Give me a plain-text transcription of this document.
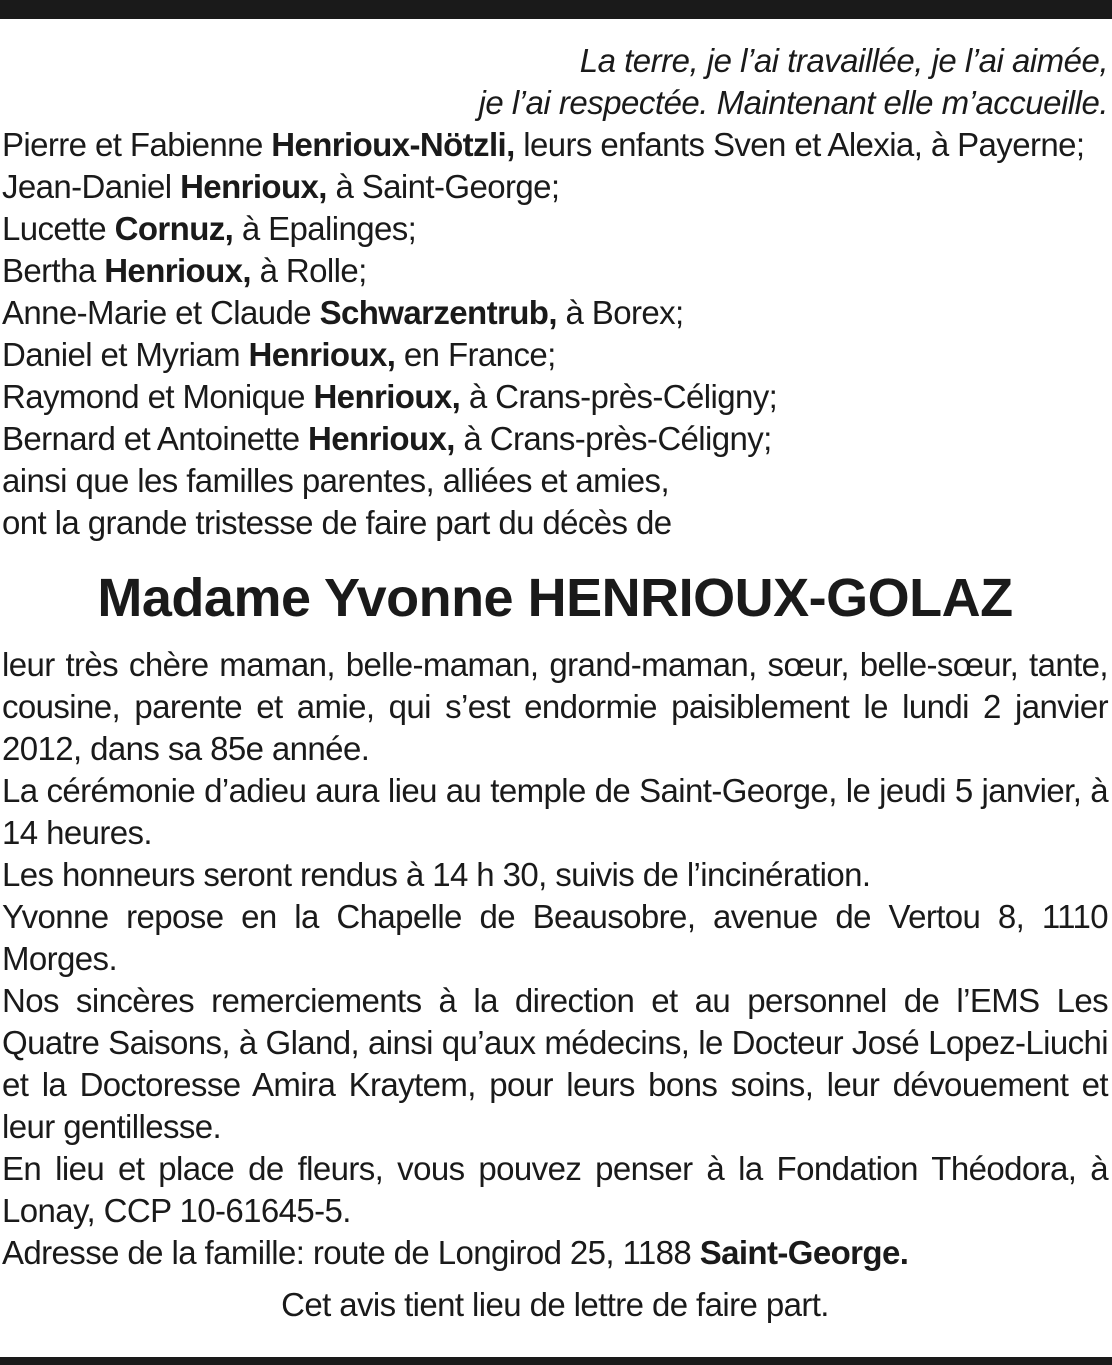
La terre, je l’ai travaillée, je l’ai aimée,
je l’ai respectée. Maintenant elle m’accueille.

Pierre et Fabienne Henrioux-Nötzli, leurs enfants Sven et Alexia, à Payerne;

Jean-Daniel Henrioux, à Saint-George;

Lucette Cornuz, à Epalinges;

Bertha Henrioux, à Rolle;

Anne-Marie et Claude Schwarzentrub, à Borex;

Daniel et Myriam Henrioux, en France;

Raymond et Monique Henrioux, à Crans-près-Céligny;

Bernard et Antoinette Henrioux, à Crans-près-Céligny;

ainsi que les familles parentes, alliées et amies,

ont la grande tristesse de faire part du décès de

Madame Yvonne HENRIOUX-GOLAZ

leur très chère maman, belle-maman, grand-maman, sœur, belle-sœur, tante, cousine, parente et amie, qui s’est endormie paisiblement le lundi 2 janvier 2012, dans sa 85e année.

La cérémonie d’adieu aura lieu au temple de Saint-George, le jeudi 5 janvier, à 14 heures.

Les honneurs seront rendus à 14 h 30, suivis de l’incinération.

Yvonne repose en la Chapelle de Beausobre, avenue de Vertou 8, 1110 Morges.

Nos sincères remerciements à la direction et au personnel de l’EMS Les Quatre Saisons, à Gland, ainsi qu’aux médecins, le Docteur José Lopez-Liuchi et la Doctoresse Amira Kraytem, pour leurs bons soins, leur dévouement et leur gentillesse.

En lieu et place de fleurs, vous pouvez penser à la Fondation Théodora, à Lonay, CCP 10-61645-5.

Adresse de la famille: route de Longirod 25, 1188 Saint-George.

Cet avis tient lieu de lettre de faire part.
